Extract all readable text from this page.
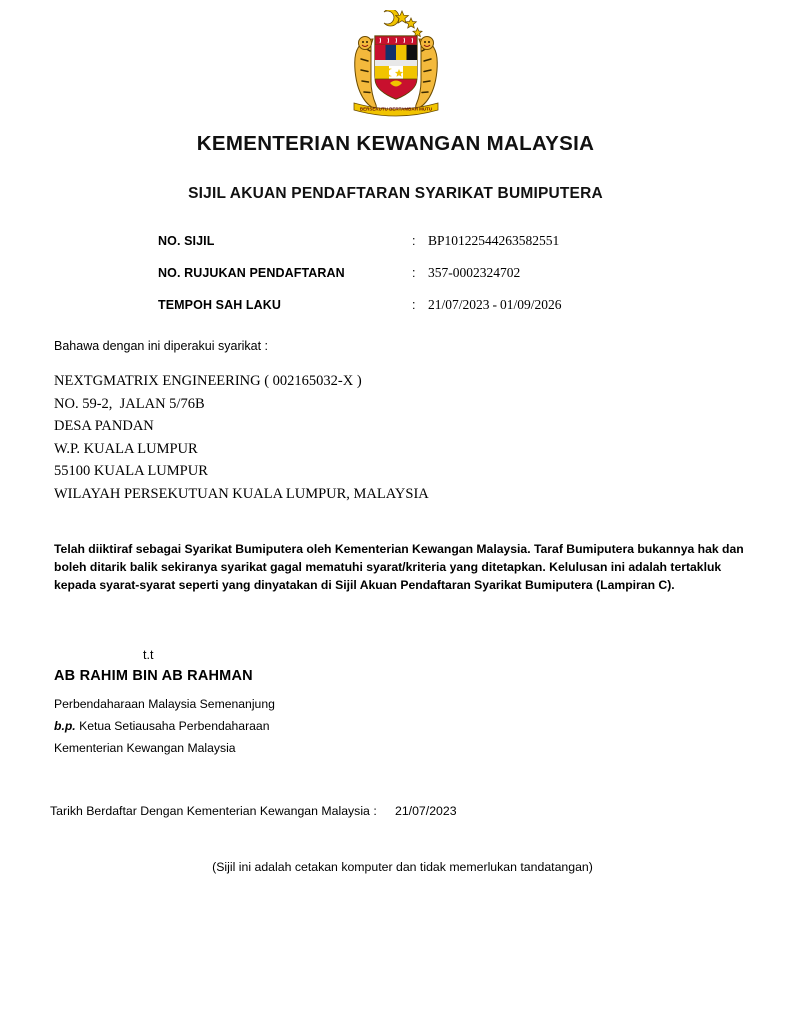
BERSEKUTU BERTAMBAH MUTU
KEMENTERIAN KEWANGAN MALAYSIA
SIJIL AKUAN PENDAFTARAN SYARIKAT BUMIPUTERA
NO. SIJIL	: BP10122544263582551
NO. RUJUKAN PENDAFTARAN	: 357-0002324702
TEMPOH SAH LAKU	: 21/07/2023 - 01/09/2026
Bahawa dengan ini diperakui syarikat :
NEXTGMATRIX ENGINEERING ( 002165032-X )
NO. 59-2,  JALAN 5/76B
DESA PANDAN
W.P. KUALA LUMPUR
55100 KUALA LUMPUR
WILAYAH PERSEKUTUAN KUALA LUMPUR, MALAYSIA
Telah diiktiraf sebagai Syarikat Bumiputera oleh Kementerian Kewangan Malaysia. Taraf Bumiputera bukannya hak dan boleh ditarik balik sekiranya syarikat gagal mematuhi syarat/kriteria yang ditetapkan. Kelulusan ini adalah tertakluk kepada syarat-syarat seperti yang dinyatakan di Sijil Akuan Pendaftaran Syarikat Bumiputera (Lampiran C).
t.t
AB RAHIM BIN AB RAHMAN
Perbendaharaan Malaysia Semenanjung
b.p. Ketua Setiausaha Perbendaharaan
Kementerian Kewangan Malaysia
Tarikh Berdaftar Dengan Kementerian Kewangan Malaysia :	21/07/2023
(Sijil ini adalah cetakan komputer dan tidak memerlukan tandatangan)
